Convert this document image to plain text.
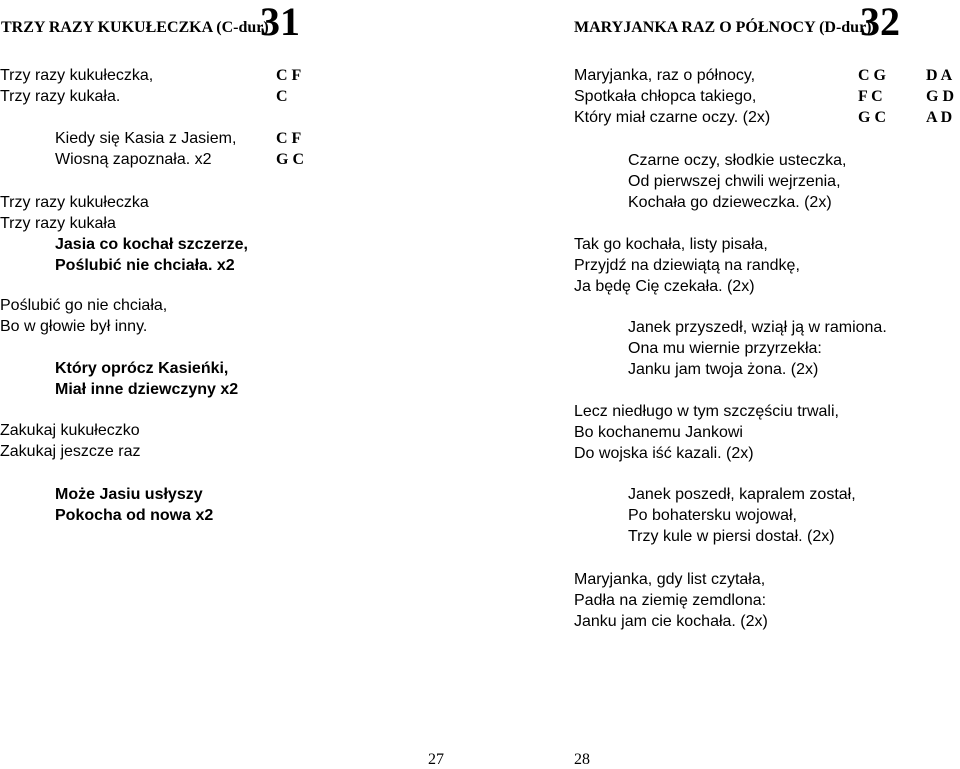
TRZY RAZY KUKUŁECZKA (C-dur)
31
Trzy razy kukułeczka,
Trzy razy kukała.
C F
C
Kiedy się Kasia z Jasiem,
Wiosną zapoznała. x2
C F
G C
Trzy razy kukułeczka
Trzy razy kukała
Jasia co kochał szczerze,
Poślubić nie chciała. x2
Poślubić go nie chciała,
Bo w głowie był inny.
Który oprócz Kasieńki,
Miał inne dziewczyny x2
Zakukaj kukułeczko
Zakukaj jeszcze raz
Może Jasiu usłyszy
Pokocha od nowa x2
27
MARYJANKA RAZ O PÓŁNOCY (D-dur)
32
Maryjanka, raz o północy,
Spotkała chłopca takiego,
Który miał czarne oczy. (2x)
C G
F C
G C
D A
G D
A D
Czarne oczy, słodkie usteczka,
Od pierwszej chwili wejrzenia,
Kochała go dzieweczka. (2x)
Tak go kochała, listy pisała,
Przyjdź na dziewiątą na randkę,
Ja będę Cię czekała. (2x)
Janek przyszedł, wziął ją w ramiona.
Ona mu wiernie przyrzekła:
Janku jam twoja żona. (2x)
Lecz niedługo w tym szczęściu trwali,
Bo kochanemu Jankowi
Do wojska iść kazali. (2x)
Janek poszedł, kapralem został,
Po bohatersku wojował,
Trzy kule w piersi dostał. (2x)
Maryjanka, gdy list czytała,
Padła na ziemię zemdlona:
Janku jam cie kochała. (2x)
28
